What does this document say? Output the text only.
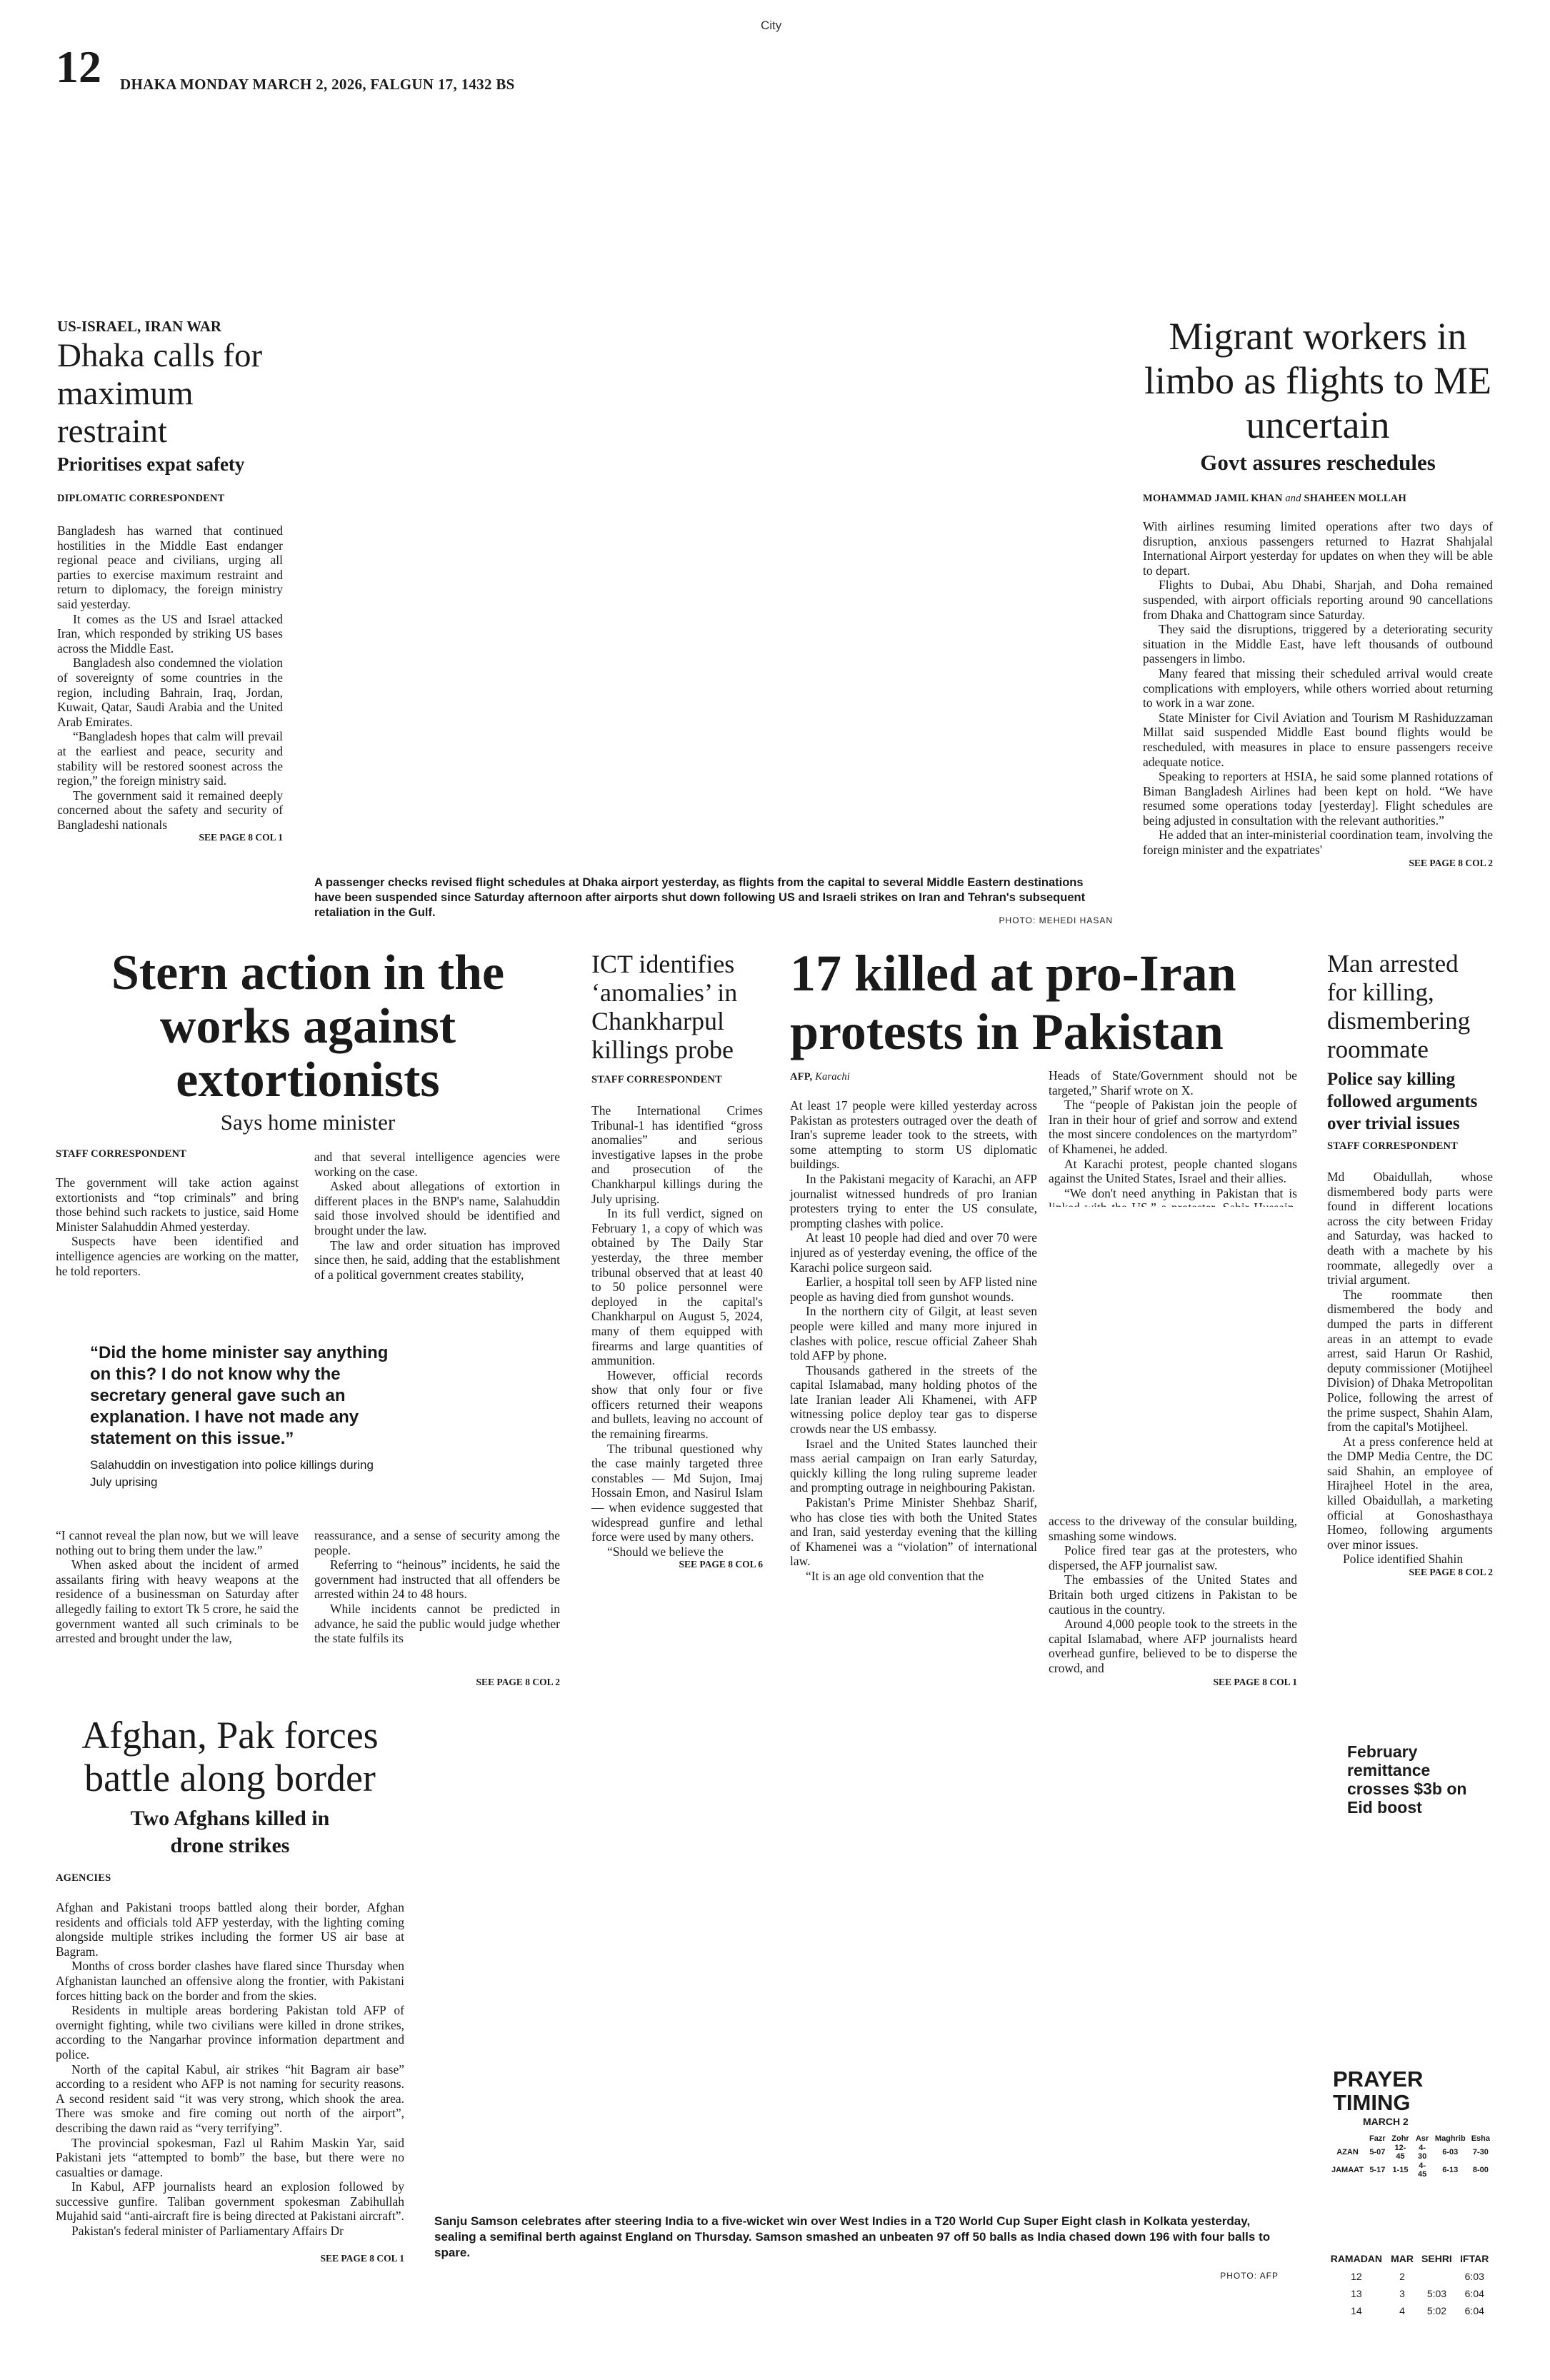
City
12 DHAKA MONDAY MARCH 2, 2026, FALGUN 17, 1432 BS
US-ISRAEL, IRAN WAR
Dhaka calls for maximum restraint
Prioritises expat safety
DIPLOMATIC CORRESPONDENT

Bangladesh has warned that continued hostilities in the Middle East endanger regional peace and civilians, urging all parties to exercise maximum restraint and return to diplomacy, the foreign ministry said yesterday.

It comes as the US and Israel attacked Iran, which responded by striking US bases across the Middle East.

Bangladesh also condemned the violation of sovereignty of some countries in the region, including Bahrain, Iraq, Jordan, Kuwait, Qatar, Saudi Arabia and the United Arab Emirates.

“Bangladesh hopes that calm will prevail at the earliest and peace, security and stability will be restored soonest across the region,” the foreign ministry said.

The government said it remained deeply concerned about the safety and security of Bangladeshi nationals

SEE PAGE 8 COL 1
A passenger checks revised flight schedules at Dhaka airport yesterday, as flights from the capital to several Middle Eastern destinations have been suspended since Saturday afternoon after airports shut down following US and Israeli strikes on Iran and Tehran's subsequent retaliation in the Gulf.
PHOTO: MEHEDI HASAN
Migrant workers in limbo as flights to ME uncertain
Govt assures reschedules
MOHAMMAD JAMIL KHAN and SHAHEEN MOLLAH

With airlines resuming limited operations after two days of disruption, anxious passengers returned to Hazrat Shahjalal International Airport yesterday for updates on when they will be able to depart.

Flights to Dubai, Abu Dhabi, Sharjah, and Doha remained suspended, with airport officials reporting around 90 cancellations from Dhaka and Chattogram since Saturday.

They said the disruptions, triggered by a deteriorating security situation in the Middle East, have left thousands of outbound passengers in limbo.

Many feared that missing their scheduled arrival would create complications with employers, while others worried about returning to work in a war zone.

State Minister for Civil Aviation and Tourism M Rashiduzzaman Millat said suspended Middle East bound flights would be rescheduled, with measures in place to ensure passengers receive adequate notice.

Speaking to reporters at HSIA, he said some planned rotations of Biman Bangladesh Airlines had been kept on hold. “We have resumed some operations today [yesterday]. Flight schedules are being adjusted in consultation with the relevant authorities.”

He added that an inter-ministerial coordination team, involving the foreign minister and the expatriates'

SEE PAGE 8 COL 2
Stern action in the works against extortionists
Says home minister
STAFF CORRESPONDENT

The government will take action against extortionists and “top criminals” and bring those behind such rackets to justice, said Home Minister Salahuddin Ahmed yesterday.

Suspects have been identified and intelligence agencies are working on the matter, he told reporters.

and that several intelligence agencies were working on the case.

Asked about allegations of extortion in different places in the BNP's name, Salahuddin said those involved should be identified and brought under the law.

The law and order situation has improved since then, he said, adding that the establishment of a political government creates stability,

“Did the home minister say anything on this? I do not know why the secretary general gave such an explanation. I have not made any statement on this issue.”
Salahuddin on investigation into police killings during July uprising

“I cannot reveal the plan now, but we will leave nothing out to bring them under the law.”

When asked about the incident of armed assailants firing with heavy weapons at the residence of a businessman on Saturday after allegedly failing to extort Tk 5 crore, he said the government wanted all such criminals to be arrested and brought under the law,

reassurance, and a sense of security among the people.

Referring to “heinous” incidents, he said the government had instructed that all offenders be arrested within 24 to 48 hours.

While incidents cannot be predicted in advance, he said the public would judge whether the state fulfils its

SEE PAGE 8 COL 2
ICT identifies ‘anomalies’ in Chankharpul killings probe
STAFF CORRESPONDENT

The International Crimes Tribunal-1 has identified “gross anomalies” and serious investigative lapses in the probe and prosecution of the Chankharpul killings during the July uprising.

In its full verdict, signed on February 1, a copy of which was obtained by The Daily Star yesterday, the three member tribunal observed that at least 40 to 50 police personnel were deployed in the capital's Chankharpul on August 5, 2024, many of them equipped with firearms and large quantities of ammunition.

However, official records show that only four or five officers returned their weapons and bullets, leaving no account of the remaining firearms.

The tribunal questioned why the case mainly targeted three constables — Md Sujon, Imaj Hossain Emon, and Nasirul Islam — when evidence suggested that widespread gunfire and lethal force were used by many others.

“Should we believe the

SEE PAGE 8 COL 6
17 killed at pro-Iran protests in Pakistan
AFP, Karachi

At least 17 people were killed yesterday across Pakistan as protesters outraged over the death of Iran's supreme leader took to the streets, with some attempting to storm US diplomatic buildings.

In the Pakistani megacity of Karachi, an AFP journalist witnessed hundreds of pro Iranian protesters trying to enter the US consulate, prompting clashes with police.

At least 10 people had died and over 70 were injured as of yesterday evening, the office of the Karachi police surgeon said.

Earlier, a hospital toll seen by AFP listed nine people as having died from gunshot wounds.

In the northern city of Gilgit, at least seven people were killed and many more injured in clashes with police, rescue official Zaheer Shah told AFP by phone.

Thousands gathered in the streets of the capital Islamabad, many holding photos of the late Iranian leader Ali Khamenei, with AFP witnessing police deploy tear gas to disperse crowds near the US embassy.

Israel and the United States launched their mass aerial campaign on Iran early Saturday, quickly killing the long ruling supreme leader and prompting outrage in neighbouring Pakistan.

Pakistan's Prime Minister Shehbaz Sharif, who has close ties with both the United States and Iran, said yesterday evening that the killing of Khamenei was a “violation” of international law.

“It is an age old convention that the

Heads of State/Government should not be targeted,” Sharif wrote on X.

The “people of Pakistan join the people of Iran in their hour of grief and sorrow and extend the most sincere condolences on the martyrdom” of Khamenei, he added.

At Karachi protest, people chanted slogans against the United States, Israel and their allies.

“We don't need anything in Pakistan that is

access to the driveway of the consular building, smashing some windows.

Police fired tear gas at the protesters, who dispersed, the AFP journalist saw.

The embassies of the United States and Britain both urged citizens in Pakistan to be cautious in the country.

Around 4,000 people took to the streets in the capital Islamabad, where AFP journalists heard overhead gunfire, believed to be to disperse the crowd, and

SEE PAGE 8 COL 1
Man arrested for killing, dismembering roommate
Police say killing followed arguments over trivial issues
STAFF CORRESPONDENT

Md Obaidullah, whose dismembered body parts were found in different locations across the city between Friday and Saturday, was hacked to death with a machete by his roommate, allegedly over a trivial argument.

The roommate then dismembered the body and dumped the parts in different areas in an attempt to evade arrest, said Harun Or Rashid, deputy commissioner (Motijheel Division) of Dhaka Metropolitan Police, following the arrest of the prime suspect, Shahin Alam, from the capital's Motijheel.

At a press conference held at the DMP Media Centre, the DC said Shahin, an employee of Hirajheel Hotel in the area, killed Obaidullah, a marketing official at Gonoshasthaya Homeo, following arguments over minor issues.

Police identified Shahin

SEE PAGE 8 COL 2
Afghan, Pak forces battle along border
Two Afghans killed in drone strikes
AGENCIES

Afghan and Pakistani troops battled along their border, Afghan residents and officials told AFP yesterday, with the lighting coming alongside multiple strikes including the former US air base at Bagram.

Months of cross border clashes have flared since Thursday when Afghanistan launched an offensive along the frontier, with Pakistani forces hitting back on the border and from the skies.

Residents in multiple areas bordering Pakistan told AFP of overnight fighting, while two civilians were killed in drone strikes, according to the Nangarhar province information department and police.

North of the capital Kabul, air strikes “hit Bagram air base” according to a resident who AFP is not naming for security reasons. A second resident said “it was very strong, which shook the area. There was smoke and fire coming out north of the airport”, describing the dawn raid as “very terrifying”.

The provincial spokesman, Fazl ul Rahim Maskin Yar, said Pakistani jets “attempted to bomb” the base, but there were no casualties or damage.

In Kabul, AFP journalists heard an explosion followed by successive gunfire. Taliban government spokesman Zabihullah Mujahid said “anti-aircraft fire is being directed at Pakistani aircraft”.

Pakistan's federal minister of Parliamentary Affairs Dr

SEE PAGE 8 COL 1
Sanju Samson celebrates after steering India to a five-wicket win over West Indies in a T20 World Cup Super Eight clash in Kolkata yesterday, sealing a semifinal berth against England on Thursday. Samson smashed an unbeaten 97 off 50 balls as India chased down 196 with four balls to spare.
PHOTO: AFP
February remittance crosses $3b on Eid boost
PRAYER
TIMING
MARCH 2
	Fazr	Zohr	Asr	Maghrib	Esha
AZAN	5-07	12-45	4-30	6-03	7-30
JAMAAT	5-17	1-15	4-45	6-13	8-00
RAMADAN	MAR	SEHRI	IFTAR
12	2		6:03
13	3	5:03	6:04
14	4	5:02	6:04
